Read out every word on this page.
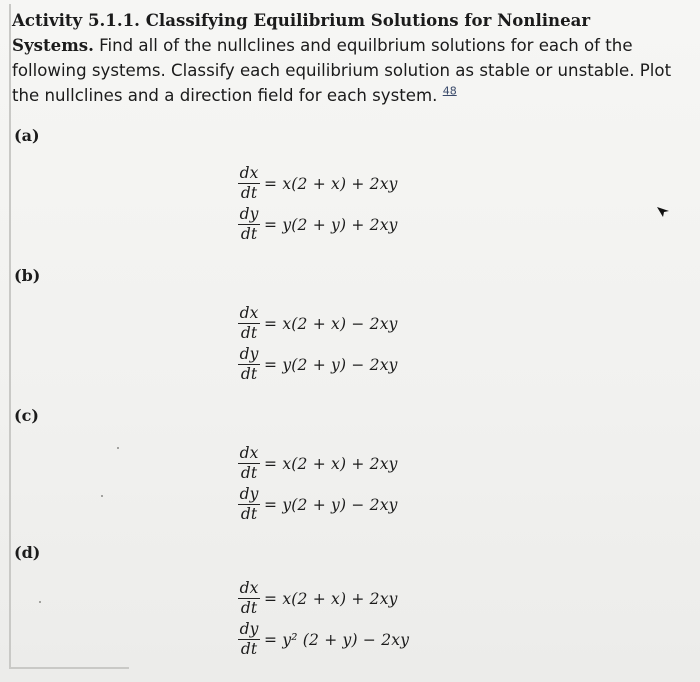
Activity 5.1.1. Classifying Equilibrium Solutions for Nonlinear Systems. Find all of the nullclines and equilbrium solutions for each of the following systems. Classify each equilibrium solution as stable or unstable. Plot the nullclines and a direction field for each system. $^{48}$
(a)
$\frac{dx}{dt} = x(2 + x) + 2xy$
$\frac{dy}{dt} = y(2 + y) + 2xy$
(b)
$\frac{dx}{dt} = x(2 + x) - 2xy$
$\frac{dy}{dt} = y(2 + y) - 2xy$
(c)
$\frac{dx}{dt} = x(2 + x) + 2xy$
$\frac{dy}{dt} = y(2 + y) - 2xy$
(d)
$\frac{dx}{dt} = x(2 + x) + 2xy$
$\frac{dy}{dt} = y^2$ (2 + y) − 2xy
